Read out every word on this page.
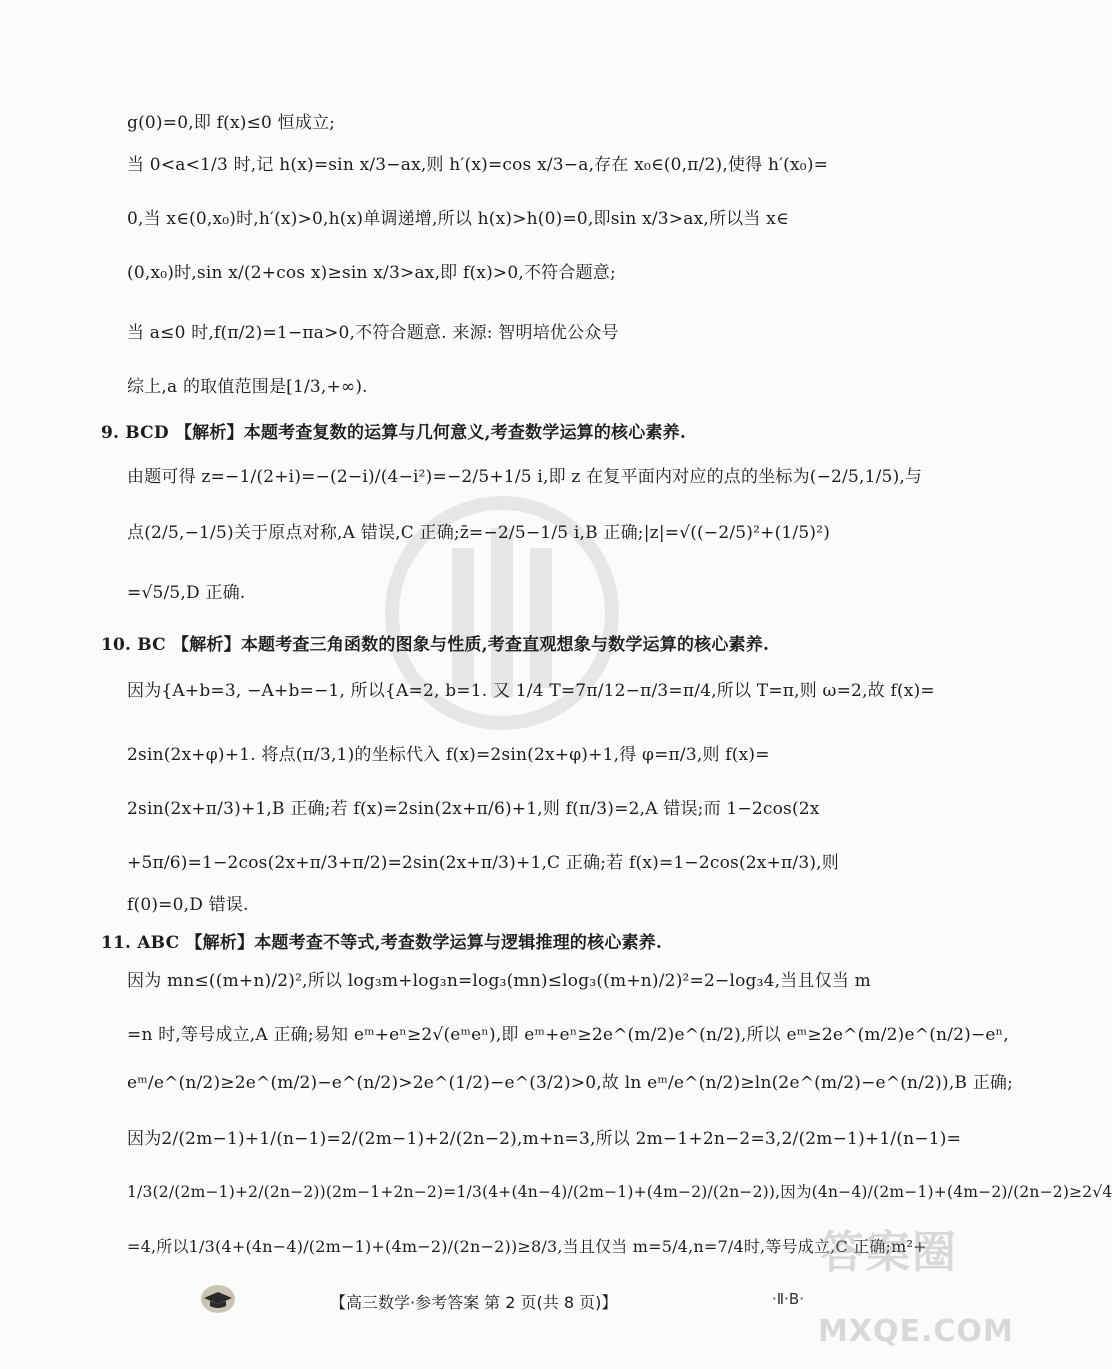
g(0)=0,即 f(x)≤0 恒成立;
当 0<a<1/3 时,记 h(x)=sin x/3−ax,则 h′(x)=cos x/3−a,存在 x₀∈(0,π/2),使得 h′(x₀)=
0,当 x∈(0,x₀)时,h′(x)>0,h(x)单调递增,所以 h(x)>h(0)=0,即sin x/3>ax,所以当 x∈
(0,x₀)时,sin x/(2+cos x)≥sin x/3>ax,即 f(x)>0,不符合题意;
当 a≤0 时,f(π/2)=1−πa>0,不符合题意. 来源: 智明培优公众号
综上,a 的取值范围是[1/3,+∞).
9. BCD 【解析】本题考查复数的运算与几何意义,考查数学运算的核心素养.
由题可得 z=−1/(2+i)=−(2−i)/(4−i²)=−2/5+1/5 i,即 z 在复平面内对应的点的坐标为(−2/5,1/5),与
点(2/5,−1/5)关于原点对称,A 错误,C 正确;z̄=−2/5−1/5 i,B 正确;|z|=√((−2/5)²+(1/5)²)
=√5/5,D 正确.
10. BC 【解析】本题考查三角函数的图象与性质,考查直观想象与数学运算的核心素养.
因为{A+b=3, −A+b=−1, 所以{A=2, b=1. 又 1/4 T=7π/12−π/3=π/4,所以 T=π,则 ω=2,故 f(x)=
2sin(2x+φ)+1. 将点(π/3,1)的坐标代入 f(x)=2sin(2x+φ)+1,得 φ=π/3,则 f(x)=
2sin(2x+π/3)+1,B 正确;若 f(x)=2sin(2x+π/6)+1,则 f(π/3)=2,A 错误;而 1−2cos(2x
+5π/6)=1−2cos(2x+π/3+π/2)=2sin(2x+π/3)+1,C 正确;若 f(x)=1−2cos(2x+π/3),则
f(0)=0,D 错误.
11. ABC 【解析】本题考查不等式,考查数学运算与逻辑推理的核心素养.
因为 mn≤((m+n)/2)²,所以 log₃m+log₃n=log₃(mn)≤log₃((m+n)/2)²=2−log₃4,当且仅当 m
=n 时,等号成立,A 正确;易知 eᵐ+eⁿ≥2√(eᵐeⁿ),即 eᵐ+eⁿ≥2e^(m/2)e^(n/2),所以 eᵐ≥2e^(m/2)e^(n/2)−eⁿ,
eᵐ/e^(n/2)≥2e^(m/2)−e^(n/2)>2e^(1/2)−e^(3/2)>0,故 ln eᵐ/e^(n/2)≥ln(2e^(m/2)−e^(n/2)),B 正确;
因为2/(2m−1)+1/(n−1)=2/(2m−1)+2/(2n−2),m+n=3,所以 2m−1+2n−2=3,2/(2m−1)+1/(n−1)=
1/3(2/(2m−1)+2/(2n−2))(2m−1+2n−2)=1/3(4+(4n−4)/(2m−1)+(4m−2)/(2n−2)),因为(4n−4)/(2m−1)+(4m−2)/(2n−2)≥2√4
=4,所以1/3(4+(4n−4)/(2m−1)+(4m−2)/(2n−2))≥8/3,当且仅当 m=5/4,n=7/4时,等号成立,C 正确;m²+
【高三数学·参考答案 第 2 页(共 8 页)】	·Ⅱ·B·
答案圈
MXQE.COM
